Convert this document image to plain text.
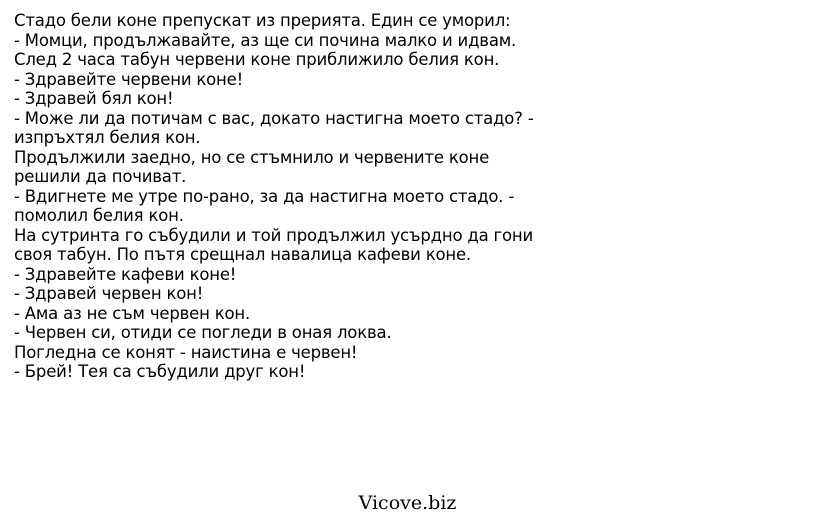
Стадо бели коне препускат из прерията. Един се уморил:
- Момци, продължавайте, аз ще си почина малко и идвам.
След 2 часа табун червени коне приближило белия кон.
- Здравейте червени коне!
- Здравей бял кон!
- Може ли да потичам с вас, докато настигна моето стадо? -
изпръхтял белия кон.
Продължили заедно, но се стъмнило и червените коне
решили да почиват.
- Вдигнете ме утре по-рано, за да настигна моето стадо. -
помолил белия кон.
На сутринта го събудили и той продължил усърдно да гони
своя табун. По пътя срещнал навалица кафеви коне.
- Здравейте кафеви коне!
- Здравей червен кон!
- Ама аз не съм червен кон.
- Червен си, отиди се погледи в оная локва.
Погледна се конят - наистина е червен!
- Брей! Тея са събудили друг кон!
Vicove.biz
